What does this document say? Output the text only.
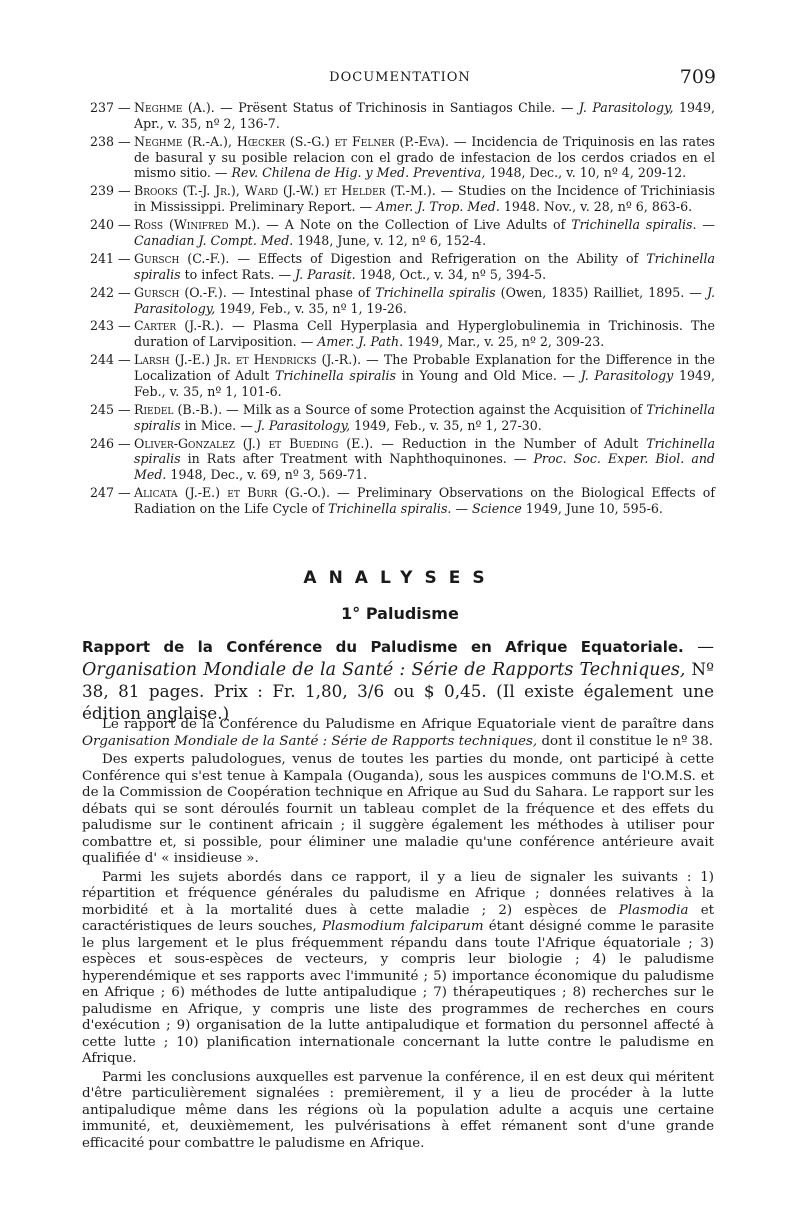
DOCUMENTATION	709
237 — Neghme (A.). — Prësent Status of Trichinosis in Santiagos Chile. — J. Parasitology, 1949, Apr., v. 35, nº 2, 136-7.
238 — Neghme (R.-A.), Hœcker (S.-G.) et Felner (P.-Eva). — Incidencia de Triquinosis en las rates de basural y su posible relacion con el grado de infestacion de los cerdos criados en el mismo sitio. — Rev. Chilena de Hig. y Med. Preventiva, 1948, Dec., v. 10, nº 4, 209-12.
239 — Brooks (T.-J. Jr.), Ward (J.-W.) et Helder (T.-M.). — Studies on the Incidence of Trichiniasis in Mississippi. Preliminary Report. — Amer. J. Trop. Med. 1948. Nov., v. 28, nº 6, 863-6.
240 — Ross (Winifred M.). — A Note on the Collection of Live Adults of Trichinella spiralis. — Canadian J. Compt. Med. 1948, June, v. 12, nº 6, 152-4.
241 — Gursch (C.-F.). — Effects of Digestion and Refrigeration on the Ability of Trichinella spiralis to infect Rats. — J. Parasit. 1948, Oct., v. 34, nº 5, 394-5.
242 — Gursch (O.-F.). — Intestinal phase of Trichinella spiralis (Owen, 1835) Railliet, 1895. — J. Parasitology, 1949, Feb., v. 35, nº 1, 19-26.
243 — Carter (J.-R.). — Plasma Cell Hyperplasia and Hyperglobulinemia in Trichinosis. The duration of Larviposition. — Amer. J. Path. 1949, Mar., v. 25, nº 2, 309-23.
244 — Larsh (J.-E.) Jr. et Hendricks (J.-R.). — The Probable Explanation for the Difference in the Localization of Adult Trichinella spiralis in Young and Old Mice. — J. Parasitology 1949, Feb., v. 35, nº 1, 101-6.
245 — Riedel (B.-B.). — Milk as a Source of some Protection against the Acquisition of Trichinella spiralis in Mice. — J. Parasitology, 1949, Feb., v. 35, nº 1, 27-30.
246 — Oliver-Gonzalez (J.) et Bueding (E.). — Reduction in the Number of Adult Trichinella spiralis in Rats after Treatment with Naphthoquinones. — Proc. Soc. Exper. Biol. and Med. 1948, Dec., v. 69, nº 3, 569-71.
247 — Alicata (J.-E.) et Burr (G.-O.). — Preliminary Observations on the Biological Effects of Radiation on the Life Cycle of Trichinella spiralis. — Science 1949, June 10, 595-6.
ANALYSES
1° Paludisme
Rapport de la Conférence du Paludisme en Afrique Equatoriale. — Organisation Mondiale de la Santé : Série de Rapports Techniques, Nº 38, 81 pages. Prix : Fr. 1,80, 3/6 ou $ 0,45. (Il existe également une édition anglaise.)

Le rapport de la Conférence du Paludisme en Afrique Equatoriale vient de paraître dans Organisation Mondiale de la Santé : Série de Rapports techniques, dont il constitue le nº 38.

Des experts paludologues, venus de toutes les parties du monde, ont participé à cette Conférence qui s'est tenue à Kampala (Ouganda), sous les auspices communs de l'O.M.S. et de la Commission de Coopération technique en Afrique au Sud du Sahara. Le rapport sur les débats qui se sont déroulés fournit un tableau complet de la fréquence et des effets du paludisme sur le continent africain ; il suggère également les méthodes à utiliser pour combattre et, si possible, pour éliminer une maladie qu'une conférence antérieure avait qualifiée d' « insidieuse ».

Parmi les sujets abordés dans ce rapport, il y a lieu de signaler les suivants : 1) répartition et fréquence générales du paludisme en Afrique ; données relatives à la morbidité et à la mortalité dues à cette maladie ; 2) espèces de Plasmodia et caractéristiques de leurs souches, Plasmodium falciparum étant désigné comme le parasite le plus largement et le plus fréquemment répandu dans toute l'Afrique équatoriale ; 3) espèces et sous-espèces de vecteurs, y compris leur biologie ; 4) le paludisme hyperendémique et ses rapports avec l'immunité ; 5) importance économique du paludisme en Afrique ; 6) méthodes de lutte antipaludique ; 7) thérapeutiques ; 8) recherches sur le paludisme en Afrique, y compris une liste des programmes de recherches en cours d'exécution ; 9) organisation de la lutte antipaludique et formation du personnel affecté à cette lutte ; 10) planification internationale concernant la lutte contre le paludisme en Afrique.

Parmi les conclusions auxquelles est parvenue la conférence, il en est deux qui méritent d'être particulièrement signalées : premièrement, il y a lieu de procéder à la lutte antipaludique même dans les régions où la population adulte a acquis une certaine immunité, et, deuxièmement, les pulvérisations à effet rémanent sont d'une grande efficacité pour combattre le paludisme en Afrique.
